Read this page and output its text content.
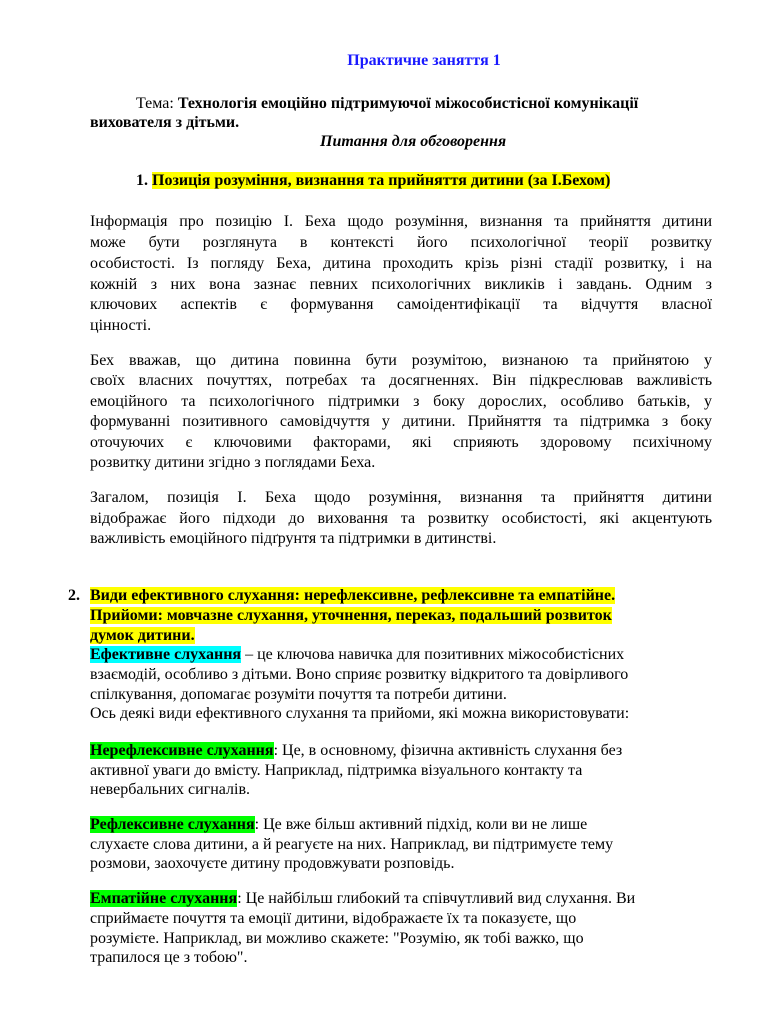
Практичне заняття 1
Тема: Технологія емоційно підтримуючої міжособистісної комунікації
вихователя з дітьми.
Питання для обговорення
1. Позиція розуміння, визнання та прийняття дитини (за І.Бехом)
Інформація про позицію І. Беха щодо розуміння, визнання та прийняття дитини
може бути розглянута в контексті його психологічної теорії розвитку
особистості. Із погляду Беха, дитина проходить крізь різні стадії розвитку, і на
кожній з них вона зазнає певних психологічних викликів і завдань. Одним з
ключових аспектів є формування самоідентифікації та відчуття власної
цінності.
Бех вважав, що дитина повинна бути розумітою, визнаною та прийнятою у
своїх власних почуттях, потребах та досягненнях. Він підкреслював важливість
емоційного та психологічного підтримки з боку дорослих, особливо батьків, у
формуванні позитивного самовідчуття у дитини. Прийняття та підтримка з боку
оточуючих є ключовими факторами, які сприяють здоровому психічному
розвитку дитини згідно з поглядами Беха.
Загалом, позиція І. Беха щодо розуміння, визнання та прийняття дитини
відображає його підходи до виховання та розвитку особистості, які акцентують
важливість емоційного підґрунтя та підтримки в дитинстві.
2. Види ефективного слухання: нерефлексивне, рефлексивне та емпатійне.
Прийоми: мовчазне слухання, уточнення, переказ, подальший розвиток
думок дитини.
Ефективне слухання – це ключова навичка для позитивних міжособистісних
взаємодій, особливо з дітьми. Воно сприяє розвитку відкритого та довірливого
спілкування, допомагає розуміти почуття та потреби дитини.
Ось деякі види ефективного слухання та прийоми, які можна використовувати:
Нерефлексивне слухання: Це, в основному, фізична активність слухання без
активної уваги до вмісту. Наприклад, підтримка візуального контакту та
невербальних сигналів.
Рефлексивне слухання: Це вже більш активний підхід, коли ви не лише
слухаєте слова дитини, а й реагуєте на них. Наприклад, ви підтримуєте тему
розмови, заохочуєте дитину продовжувати розповідь.
Емпатійне слухання: Це найбільш глибокий та співчутливий вид слухання. Ви
сприймаєте почуття та емоції дитини, відображаєте їх та показуєте, що
розумієте. Наприклад, ви можливо скажете: "Розумію, як тобі важко, що
трапилося це з тобою".
